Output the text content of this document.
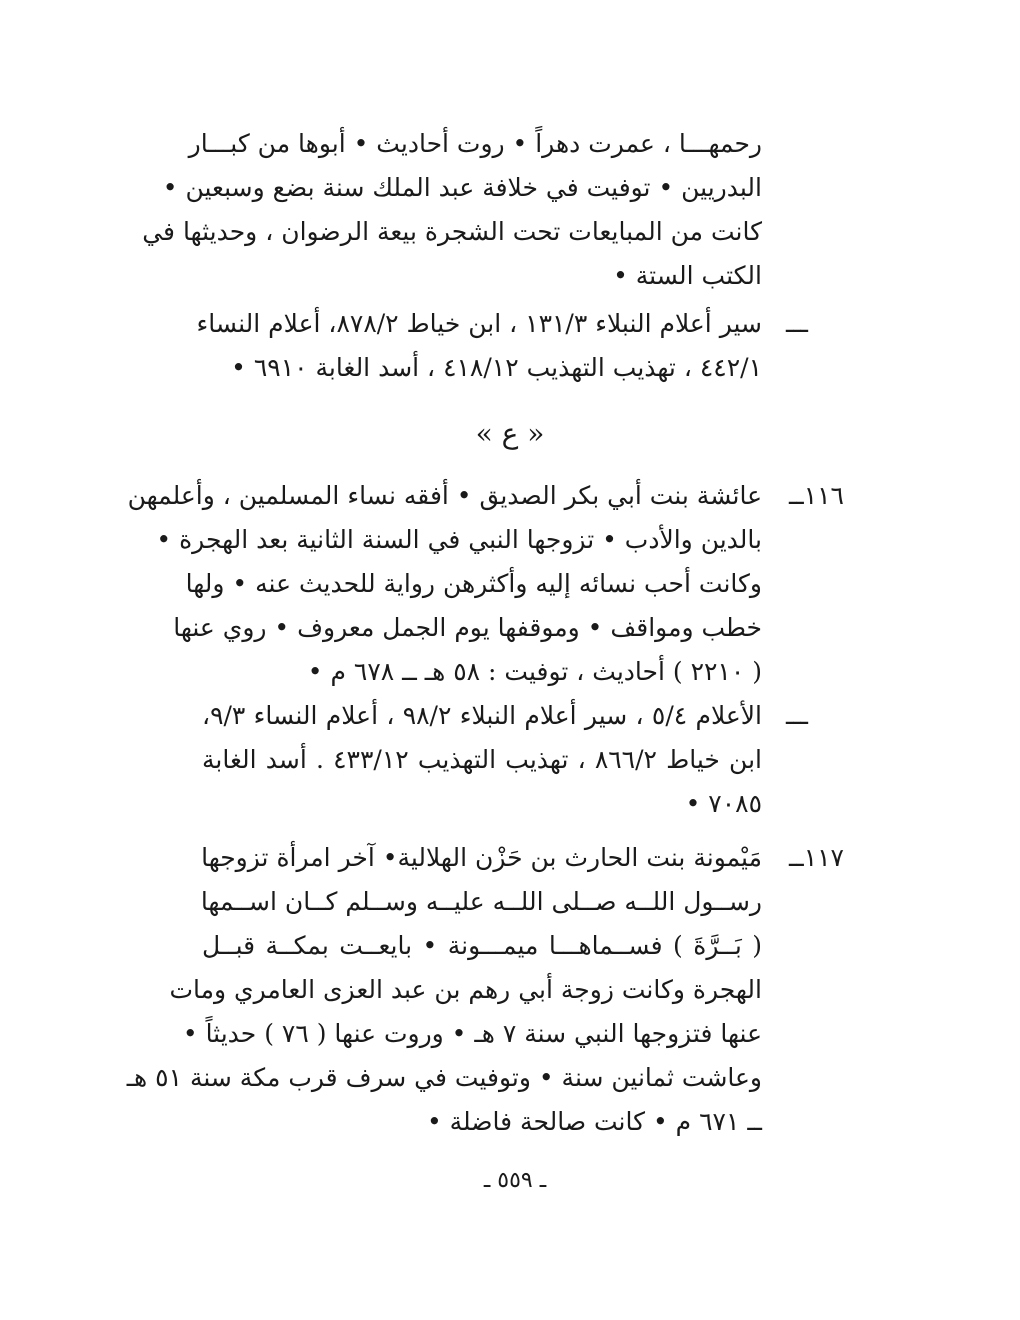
رحمهـــا ، عمرت دهراً • روت أحاديث • أبوها من كبـــار
البدريين • توفيت في خلافة عبد الملك سنة بضع وسبعين •
كانت من المبايعات تحت الشجرة بيعة الرضوان ، وحديثها في
الكتب الستة •
ـــ
سير أعلام النبلاء ١٣١/٣ ، ابن خياط ٨٧٨/٢، أعلام النساء
٤٤٢/١ ، تهذيب التهذيب ٤١٨/١٢ ، أسد الغابة ٦٩١٠ •
« ع »
١١٦ــ
عائشة بنت أبي بكر الصديق • أفقه نساء المسلمين ، وأعلمهن
بالدين والأدب • تزوجها النبي في السنة الثانية بعد الهجرة •
وكانت أحب نسائه إليه وأكثرهن رواية للحديث عنه • ولها
خطب ومواقف • وموقفها يوم الجمل معروف • روي عنها
( ٢٢١٠ ) أحاديث ، توفيت : ٥٨ هـ ــ ٦٧٨ م •
ـــ
الأعلام ٥/٤ ، سير أعلام النبلاء ٩٨/٢ ، أعلام النساء ٩/٣،
ابن خياط ٨٦٦/٢ ، تهذيب التهذيب ٤٣٣/١٢ . أسد الغابة
٧٠٨٥ •
١١٧ــ
مَيْمونة بنت الحارث بن حَزْن الهلالية• آخر امرأة تزوجها
رســول اللــه صــلى اللــه عليــه وســلم كــان اســمها
( بَــرَّةَ ) فســماهـــا ميمـــونة • بايعــت بمكــة قبــل
الهجرة وكانت زوجة أبي رهم بن عبد العزى العامري ومات
عنها فتزوجها النبي سنة ٧ هـ • وروت عنها ( ٧٦ ) حديثاً •
وعاشت ثمانين سنة • وتوفيت في سرف قرب مكة سنة ٥١ هـ
ــ ٦٧١ م • كانت صالحة فاضلة •
ـ ٥٥٩ ـ
